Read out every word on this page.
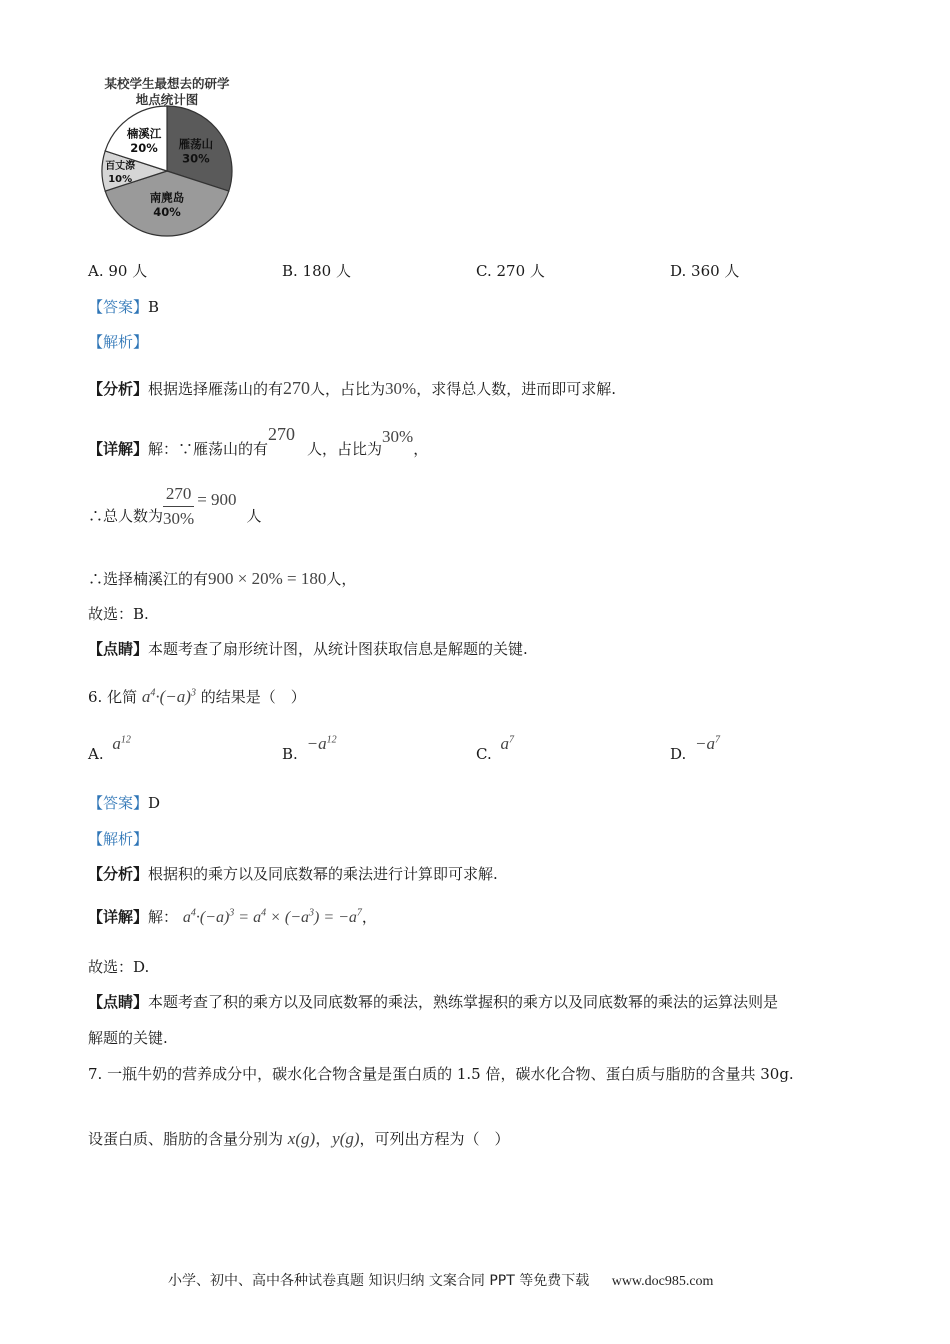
某校学生最想去的研学
地点统计图
雁荡山
30%
南麂岛
40%
百丈漈
10%
楠溪江
20%
A. 90 人	B. 180 人	C. 270 人	D. 360 人
【答案】B
【解析】
【分析】根据选择雁荡山的有270人，占比为30%，求得总人数，进而即可求解.
【详解】解：∵雁荡山的有270人，占比为30%，
∴总人数为 $\frac{270}{30\%} = 900$人
∴选择楠溪江的有900 × 20% = 180人，
故选：B.
【点睛】本题考查了扇形统计图，从统计图获取信息是解题的关键.
6. 化简 $a^4\cdot(-a)^3$ 的结果是（　）
A. $a^{12}$
B. $-a^{12}$
C. $a^7$
D. $-a^7$
【答案】D
【解析】
【分析】根据积的乘方以及同底数幂的乘法进行计算即可求解.
【详解】解： $a^4\cdot(-a)^3 = a^4 \times (-a^3) = -a^7$，
故选：D.
【点睛】本题考查了积的乘方以及同底数幂的乘法，熟练掌握积的乘方以及同底数幂的乘法的运算法则是
解题的关键.
7. 一瓶牛奶的营养成分中，碳水化合物含量是蛋白质的 1.5 倍，碳水化合物、蛋白质与脂肪的含量共 30g.
设蛋白质、脂肪的含量分别为 x(g)，y(g)，可列出方程为（　）
小学、初中、高中各种试卷真题 知识归纳 文案合同 PPT 等免费下载 www.doc985.com
